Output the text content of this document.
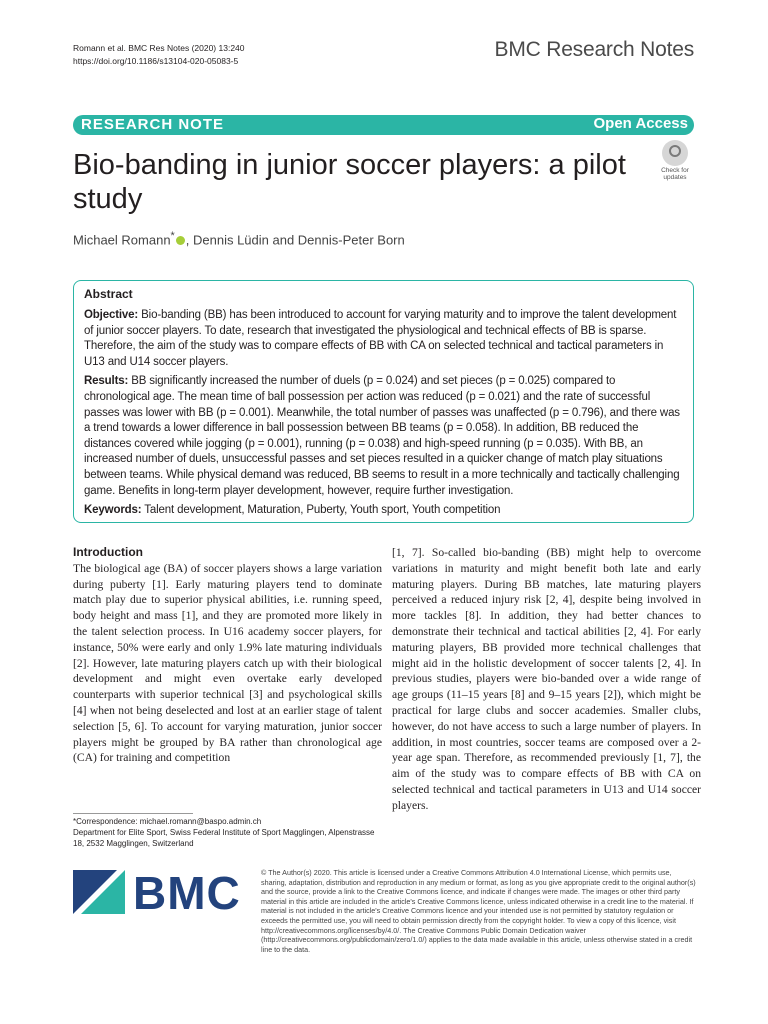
Romann et al. BMC Res Notes (2020) 13:240
https://doi.org/10.1186/s13104-020-05083-5	BMC Research Notes
RESEARCH NOTE	Open Access
Check for updates
Bio-banding in junior soccer players: a pilot study
Michael Romann* , Dennis Lüdin and Dennis-Peter Born
Abstract

Objective: Bio-banding (BB) has been introduced to account for varying maturity and to improve the talent development of junior soccer players. To date, research that investigated the physiological and technical effects of BB is sparse. Therefore, the aim of the study was to compare effects of BB with CA on selected technical and tactical parameters in U13 and U14 soccer players.

Results: BB significantly increased the number of duels (p = 0.024) and set pieces (p = 0.025) compared to chronological age. The mean time of ball possession per action was reduced (p = 0.021) and the rate of successful passes was lower with BB (p = 0.001). Meanwhile, the total number of passes was unaffected (p = 0.796), and there was a trend towards a lower difference in ball possession between BB teams (p = 0.058). In addition, BB reduced the distances covered while jogging (p = 0.001), running (p = 0.038) and high-speed running (p = 0.035). With BB, an increased number of duels, unsuccessful passes and set pieces resulted in a quicker change of match play situations between teams. While physical demand was reduced, BB seems to result in a more technically and tactically challenging game. Benefits in long-term player development, however, require further investigation.

Keywords: Talent development, Maturation, Puberty, Youth sport, Youth competition

Introduction
The biological age (BA) of soccer players shows a large variation during puberty [1]. Early maturing players tend to dominate match play due to superior physical abilities, i.e. running speed, body height and mass [1], and they are promoted more likely in the talent selection process. In U16 academy soccer players, for instance, 50% were early and only 1.9% late maturing individuals [2]. However, late maturing players catch up with their biological development and might even overtake early developed counterparts with superior technical [3] and psychological skills [4] when not being deselected and lost at an earlier stage of talent selection [5, 6]. To account for varying maturation, junior soccer players might be grouped by BA rather than chronological age (CA) for training and competition
[1, 7]. So-called bio-banding (BB) might help to overcome variations in maturity and might benefit both late and early maturing players. During BB matches, late maturing players perceived a reduced injury risk [2, 4], despite being involved in more tackles [8]. In addition, they had better chances to demonstrate their technical and tactical abilities [2, 4]. For early maturing players, BB provided more technical challenges that might aid in the holistic development of soccer talents [2, 4]. In previous studies, players were bio-banded over a wide range of age groups (11–15 years [8] and 9–15 years [2]), which might be practical for large clubs and soccer academies. Smaller clubs, however, do not have access to such a large number of players. In addition, in most countries, soccer teams are composed over a 2-year age span. Therefore, as recommended previously [1, 7], the aim of the study was to compare effects of BB with CA on selected technical and tactical parameters in U13 and U14 soccer players.
*Correspondence: michael.romann@baspo.admin.ch
Department for Elite Sport, Swiss Federal Institute of Sport Magglingen, Alpenstrasse 18, 2532 Magglingen, Switzerland
BMC	© The Author(s) 2020. This article is licensed under a Creative Commons Attribution 4.0 International License, which permits use, sharing, adaptation, distribution and reproduction in any medium or format, as long as you give appropriate credit to the original author(s) and the source, provide a link to the Creative Commons licence, and indicate if changes were made. The images or other third party material in this article are included in the article's Creative Commons licence, unless indicated otherwise in a credit line to the material. If material is not included in the article's Creative Commons licence and your intended use is not permitted by statutory regulation or exceeds the permitted use, you will need to obtain permission directly from the copyright holder. To view a copy of this licence, visit http://creativecommons.org/licenses/by/4.0/. The Creative Commons Public Domain Dedication waiver (http://creativecommons.org/publicdomain/zero/1.0/) applies to the data made available in this article, unless otherwise stated in a credit line to the data.
